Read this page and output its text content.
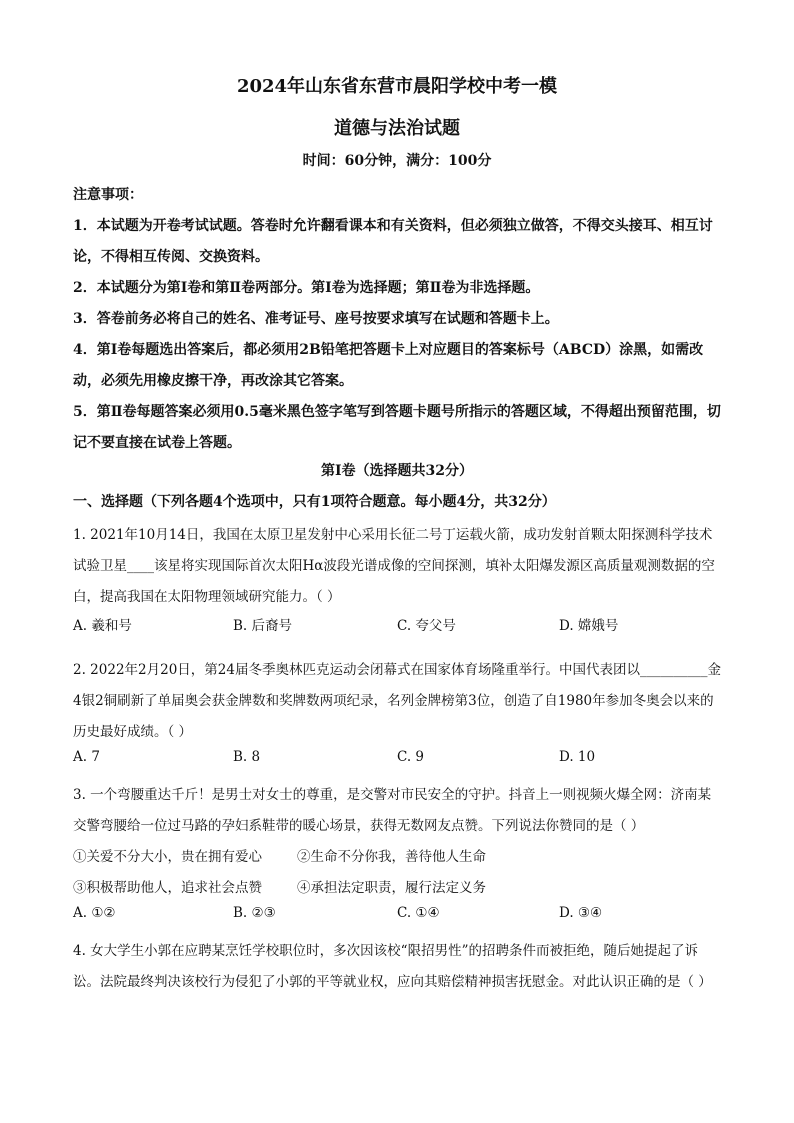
2024年山东省东营市晨阳学校中考一模
道德与法治试题
时间：60分钟，满分：100分

注意事项：

1．本试题为开卷考试试题。答卷时允许翻看课本和有关资料，但必须独立做答，不得交头接耳、相互讨论，不得相互传阅、交换资料。

2．本试题分为第Ⅰ卷和第Ⅱ卷两部分。第Ⅰ卷为选择题；第Ⅱ卷为非选择题。

3．答卷前务必将自己的姓名、准考证号、座号按要求填写在试题和答题卡上。

4．第Ⅰ卷每题选出答案后，都必须用2B铅笔把答题卡上对应题目的答案标号（ABCD）涂黑，如需改动，必须先用橡皮擦干净，再改涂其它答案。

5．第Ⅱ卷每题答案必须用0.5毫米黑色签字笔写到答题卡题号所指示的答题区域，不得超出预留范围，切记不要直接在试卷上答题。

第Ⅰ卷（选择题共32分）
一、选择题（下列各题4个选项中，只有1项符合题意。每小题4分，共32分）

1. 2021年10月14日，我国在太原卫星发射中心采用长征二号丁运载火箭，成功发射首颗太阳探测科学技术试验卫星____该星将实现国际首次太阳Hα波段光谱成像的空间探测，填补太阳爆发源区高质量观测数据的空白，提高我国在太阳物理领域研究能力。（ ）

A. 羲和号	B. 后裔号	C. 夸父号	D. 嫦娥号

2. 2022年2月20日，第24届冬季奥林匹克运动会闭幕式在国家体育场隆重举行。中国代表团以__________金4银2铜刷新了单届奥会获金牌数和奖牌数两项纪录，名列金牌榜第3位，创造了自1980年参加冬奥会以来的历史最好成绩。（ ）

A. 7	B. 8	C. 9	D. 10

3. 一个弯腰重达千斤！是男士对女士的尊重，是交警对市民安全的守护。抖音上一则视频火爆全网：济南某交警弯腰给一位过马路的孕妇系鞋带的暖心场景，获得无数网友点赞。下列说法你赞同的是（ ）

①关爱不分大小，贵在拥有爱心	②生命不分你我，善待他人生命
③积极帮助他人，追求社会点赞	④承担法定职责，履行法定义务
A. ①②	B. ②③	C. ①④	D. ③④

4. 女大学生小郭在应聘某烹饪学校职位时，多次因该校“限招男性”的招聘条件而被拒绝，随后她提起了诉讼。法院最终判决该校行为侵犯了小郭的平等就业权，应向其赔偿精神损害抚慰金。对此认识正确的是（ ）
